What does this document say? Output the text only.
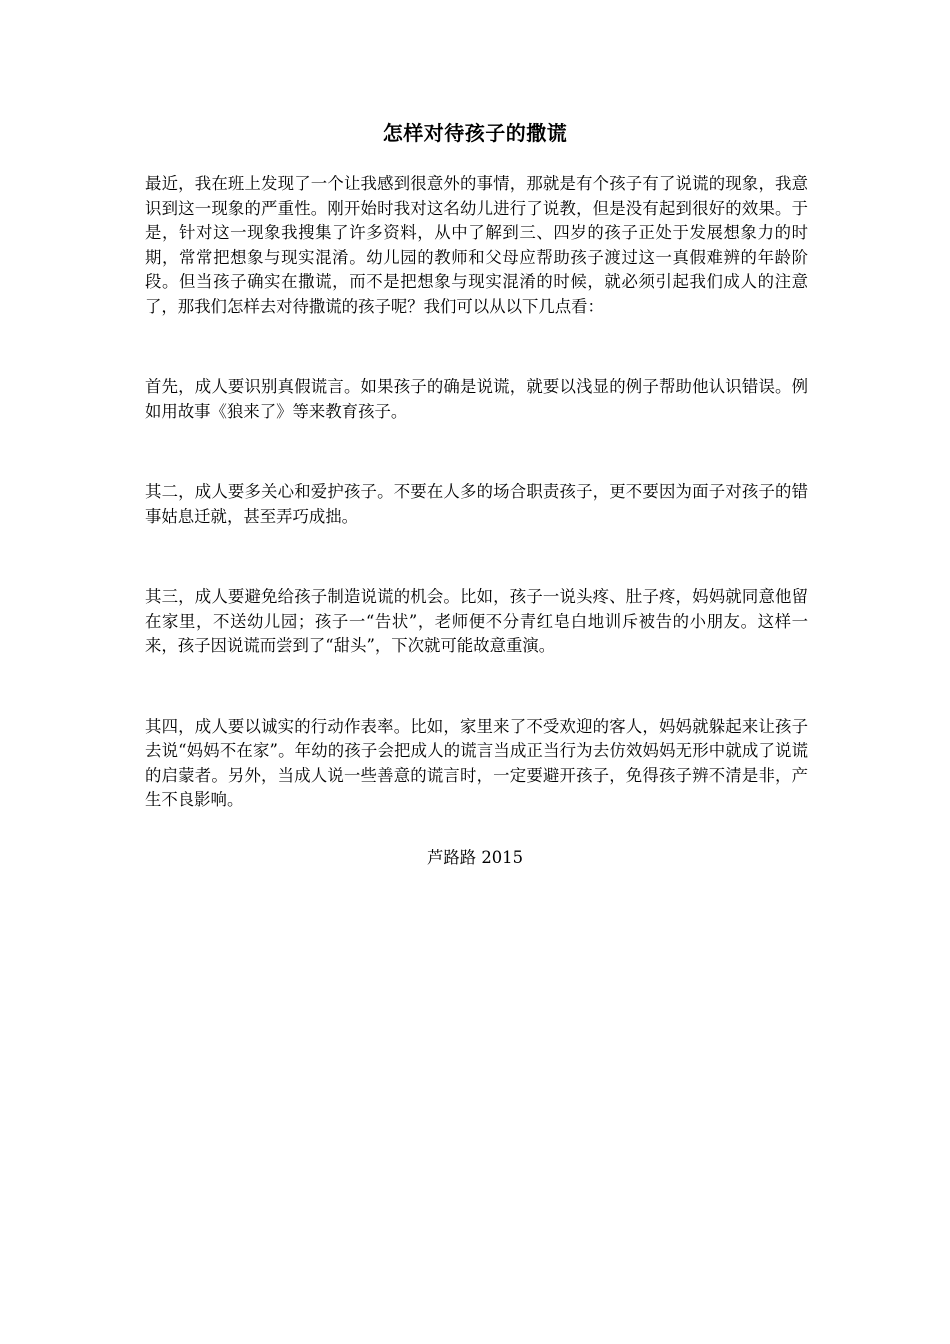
怎样对待孩子的撒谎

最近，我在班上发现了一个让我感到很意外的事情，那就是有个孩子有了说谎的现象，我意识到这一现象的严重性。刚开始时我对这名幼儿进行了说教，但是没有起到很好的效果。于是，针对这一现象我搜集了许多资料，从中了解到三、四岁的孩子正处于发展想象力的时期，常常把想象与现实混淆。幼儿园的教师和父母应帮助孩子渡过这一真假难辨的年龄阶段。但当孩子确实在撒谎，而不是把想象与现实混淆的时候，就必须引起我们成人的注意了，那我们怎样去对待撒谎的孩子呢？我们可以从以下几点看：

首先，成人要识别真假谎言。如果孩子的确是说谎，就要以浅显的例子帮助他认识错误。例如用故事《狼来了》等来教育孩子。

其二，成人要多关心和爱护孩子。不要在人多的场合职责孩子，更不要因为面子对孩子的错事姑息迁就，甚至弄巧成拙。

其三，成人要避免给孩子制造说谎的机会。比如，孩子一说头疼、肚子疼，妈妈就同意他留在家里，不送幼儿园；孩子一“告状”，老师便不分青红皂白地训斥被告的小朋友。这样一来，孩子因说谎而尝到了“甜头”，下次就可能故意重演。

其四，成人要以诚实的行动作表率。比如，家里来了不受欢迎的客人，妈妈就躲起来让孩子去说“妈妈不在家”。年幼的孩子会把成人的谎言当成正当行为去仿效妈妈无形中就成了说谎的启蒙者。另外，当成人说一些善意的谎言时，一定要避开孩子，免得孩子辨不清是非，产生不良影响。

芦路路 2015
